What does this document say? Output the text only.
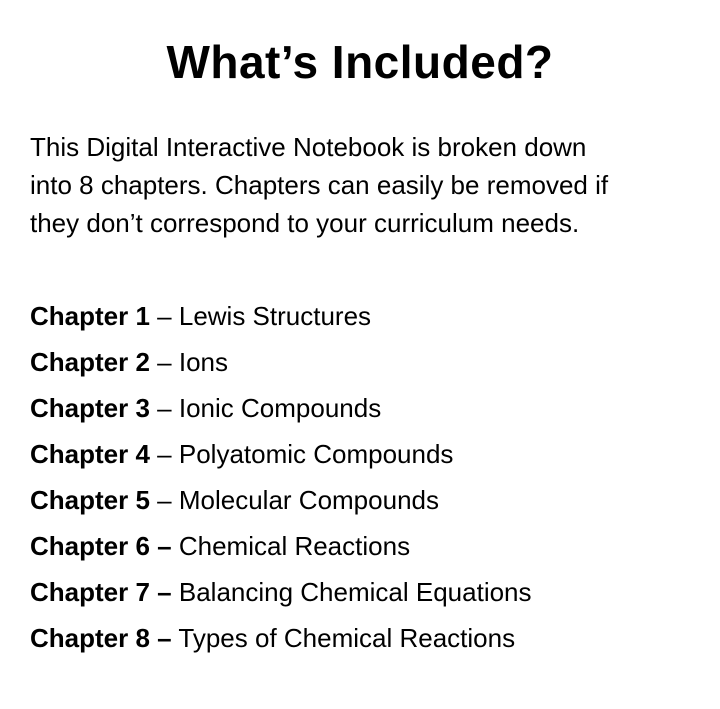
What’s Included?
This Digital Interactive Notebook is broken down
into 8 chapters. Chapters can easily be removed if
they don’t correspond to your curriculum needs.
Chapter 1 – Lewis Structures
Chapter 2 – Ions
Chapter 3 – Ionic Compounds
Chapter 4 – Polyatomic Compounds
Chapter 5 – Molecular Compounds
Chapter 6 – Chemical Reactions
Chapter 7 – Balancing Chemical Equations
Chapter 8 – Types of Chemical Reactions
